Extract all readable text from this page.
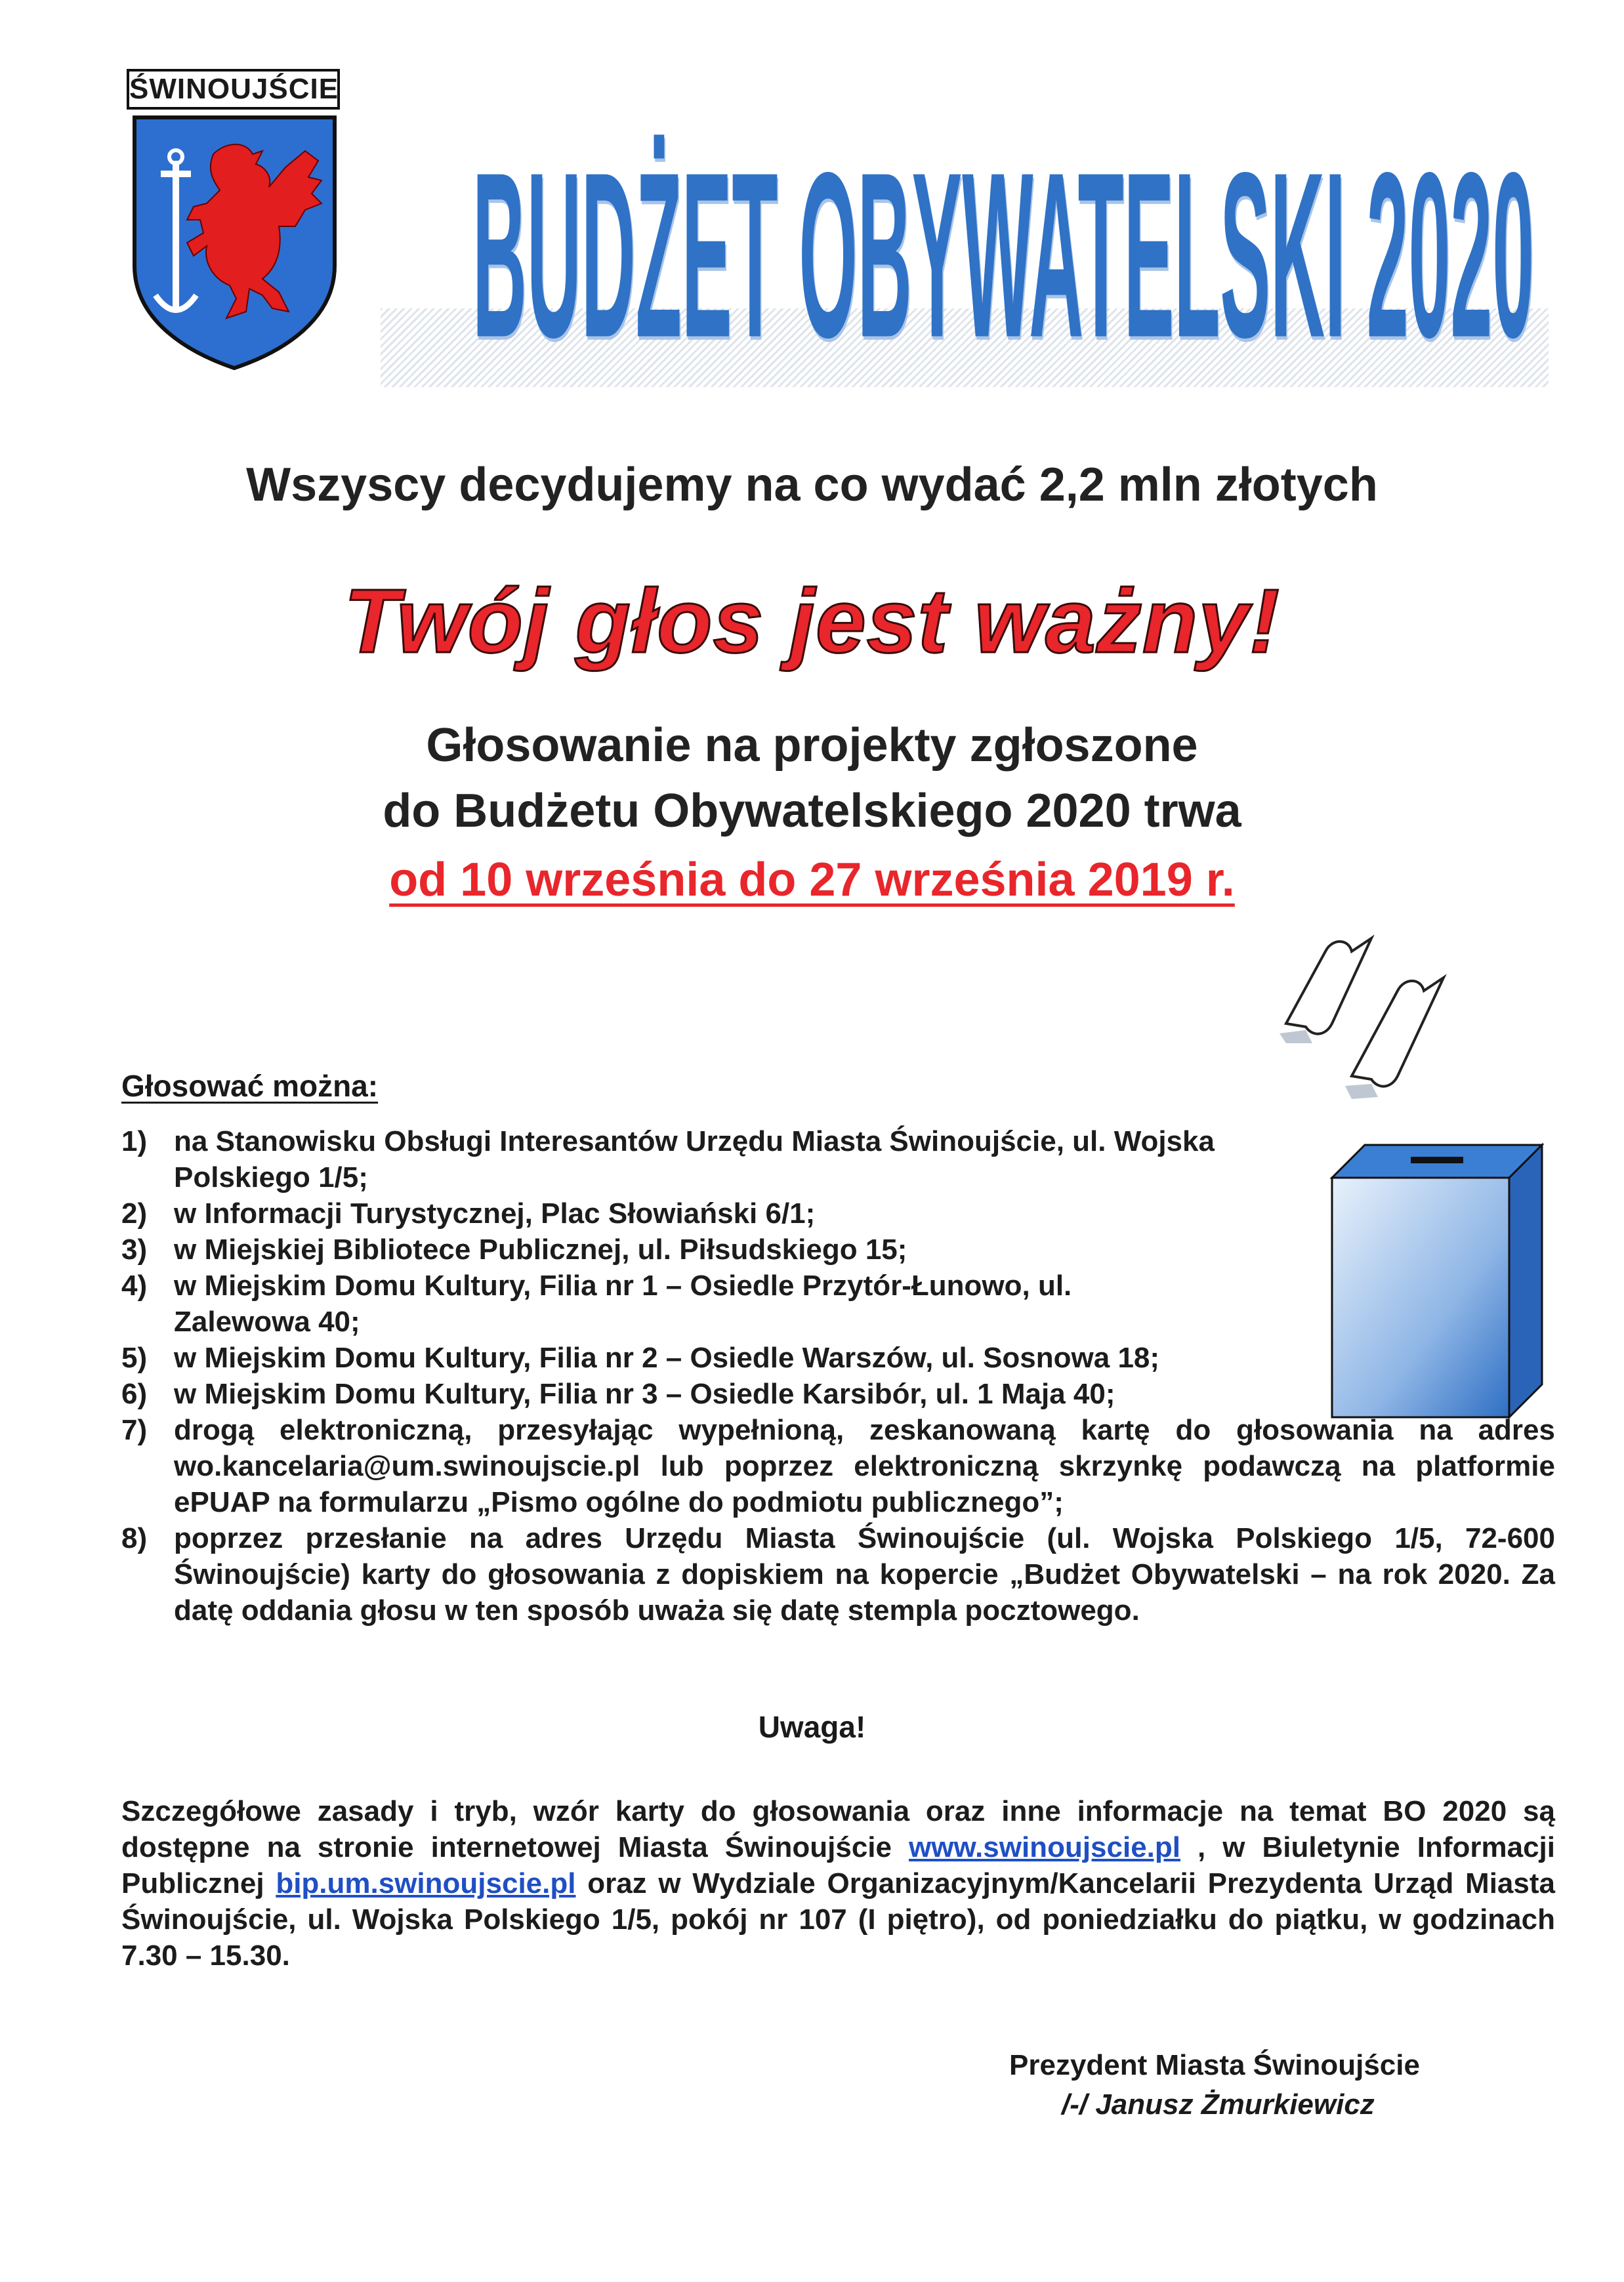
ŚWINOUJŚCIE
BUDŻET OBYWATELSKI 2020
Wszyscy decydujemy na co wydać 2,2 mln złotych
Twój głos jest ważny!
Głosowanie na projekty zgłoszone
do Budżetu Obywatelskiego 2020 trwa
od 10 września do 27 września 2019 r.
Głosować można:
1) na Stanowisku Obsługi Interesantów Urzędu Miasta Świnoujście, ul. Wojska Polskiego 1/5;
2) w Informacji Turystycznej, Plac Słowiański 6/1;
3) w Miejskiej Bibliotece Publicznej, ul. Piłsudskiego 15;
4) w Miejskim Domu Kultury, Filia nr 1 – Osiedle Przytór-Łunowo, ul. Zalewowa 40;
5) w Miejskim Domu Kultury, Filia nr 2 – Osiedle Warszów, ul. Sosnowa 18;
6) w Miejskim Domu Kultury, Filia nr 3 – Osiedle Karsibór, ul. 1 Maja 40;
7) drogą elektroniczną, przesyłając wypełnioną, zeskanowaną kartę do głosowania na adres wo.kancelaria@um.swinoujscie.pl lub poprzez elektroniczną skrzynkę podawczą na platformie ePUAP na formularzu „Pismo ogólne do podmiotu publicznego”;
8) poprzez przesłanie na adres Urzędu Miasta Świnoujście (ul. Wojska Polskiego 1/5, 72-600 Świnoujście) karty do głosowania z dopiskiem na kopercie „Budżet Obywatelski – na rok 2020. Za datę oddania głosu w ten sposób uważa się datę stempla pocztowego.
Uwaga!
Szczegółowe zasady i tryb, wzór karty do głosowania oraz inne informacje na temat BO 2020 są dostępne na stronie internetowej Miasta Świnoujście www.swinoujscie.pl , w Biuletynie Informacji Publicznej bip.um.swinoujscie.pl oraz w Wydziale Organizacyjnym/Kancelarii Prezydenta Urząd Miasta Świnoujście, ul. Wojska Polskiego 1/5, pokój nr 107 (I piętro), od poniedziałku do piątku, w godzinach 7.30 – 15.30.
Prezydent Miasta Świnoujście
/-/ Janusz Żmurkiewicz
